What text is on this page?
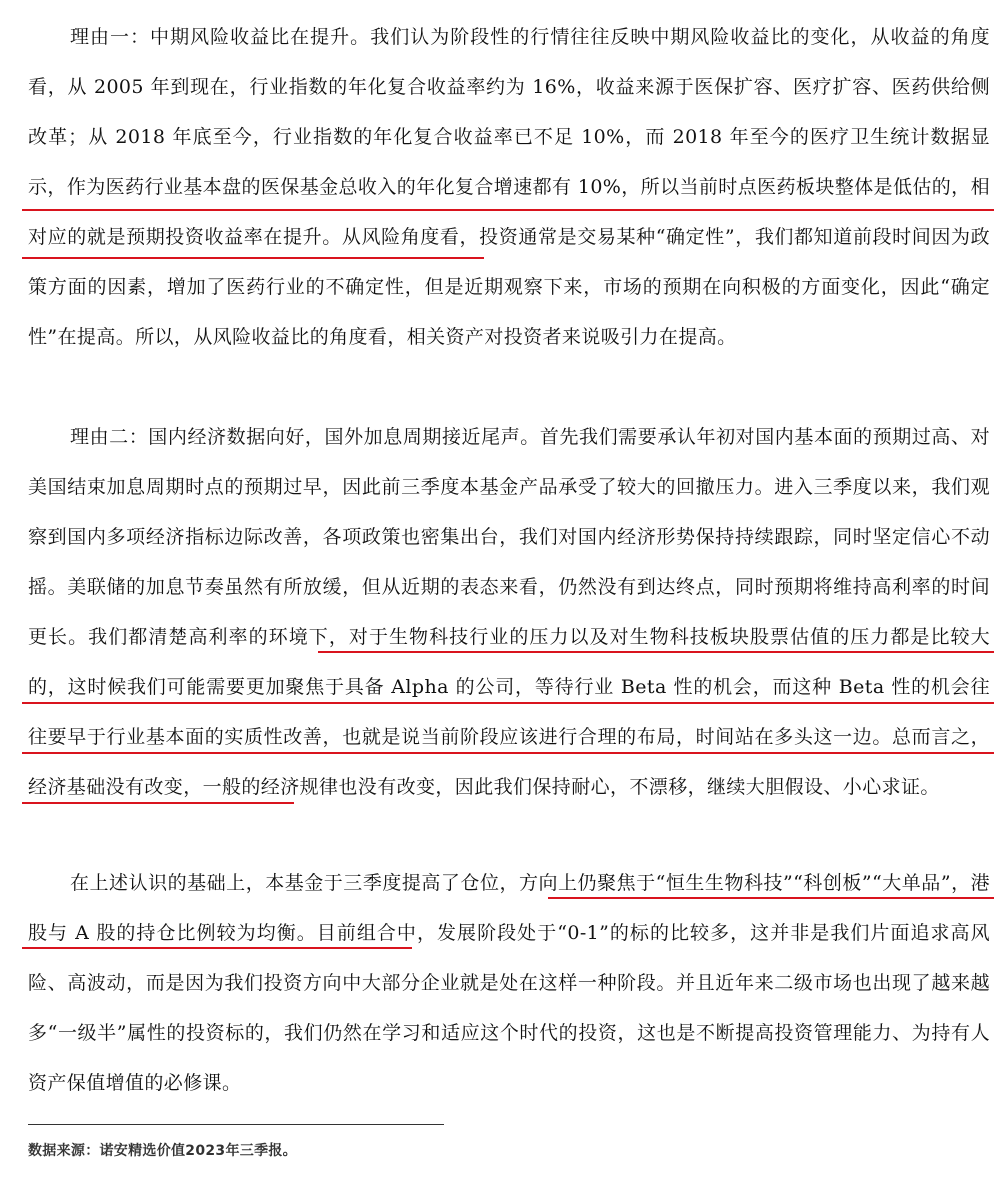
理由一：中期风险收益比在提升。我们认为阶段性的行情往往反映中期风险收益比的变化，从收益的角度看，从 2005 年到现在，行业指数的年化复合收益率约为 16%，收益来源于医保扩容、医疗扩容、医药供给侧改革；从 2018 年底至今，行业指数的年化复合收益率已不足 10%，而 2018 年至今的医疗卫生统计数据显示，作为医药行业基本盘的医保基金总收入的年化复合增速都有 10%，所以当前时点医药板块整体是低估的，相对应的就是预期投资收益率在提升。从风险角度看，投资通常是交易某种“确定性”，我们都知道前段时间因为政策方面的因素，增加了医药行业的不确定性，但是近期观察下来，市场的预期在向积极的方面变化，因此“确定性”在提高。所以，从风险收益比的角度看，相关资产对投资者来说吸引力在提高。

理由二：国内经济数据向好，国外加息周期接近尾声。首先我们需要承认年初对国内基本面的预期过高、对美国结束加息周期时点的预期过早，因此前三季度本基金产品承受了较大的回撤压力。进入三季度以来，我们观察到国内多项经济指标边际改善，各项政策也密集出台，我们对国内经济形势保持持续跟踪，同时坚定信心不动摇。美联储的加息节奏虽然有所放缓，但从近期的表态来看，仍然没有到达终点，同时预期将维持高利率的时间更长。我们都清楚高利率的环境下，对于生物科技行业的压力以及对生物科技板块股票估值的压力都是比较大的，这时候我们可能需要更加聚焦于具备 Alpha 的公司，等待行业 Beta 性的机会，而这种 Beta 性的机会往往要早于行业基本面的实质性改善，也就是说当前阶段应该进行合理的布局，时间站在多头这一边。总而言之，经济基础没有改变，一般的经济规律也没有改变，因此我们保持耐心，不漂移，继续大胆假设、小心求证。

在上述认识的基础上，本基金于三季度提高了仓位，方向上仍聚焦于“恒生生物科技”“科创板”“大单品”，港股与 A 股的持仓比例较为均衡。目前组合中，发展阶段处于“0-1”的标的比较多，这并非是我们片面追求高风险、高波动，而是因为我们投资方向中大部分企业就是处在这样一种阶段。并且近年来二级市场也出现了越来越多“一级半”属性的投资标的，我们仍然在学习和适应这个时代的投资，这也是不断提高投资管理能力、为持有人资产保值增值的必修课。

数据来源：诺安精选价值2023年三季报。
